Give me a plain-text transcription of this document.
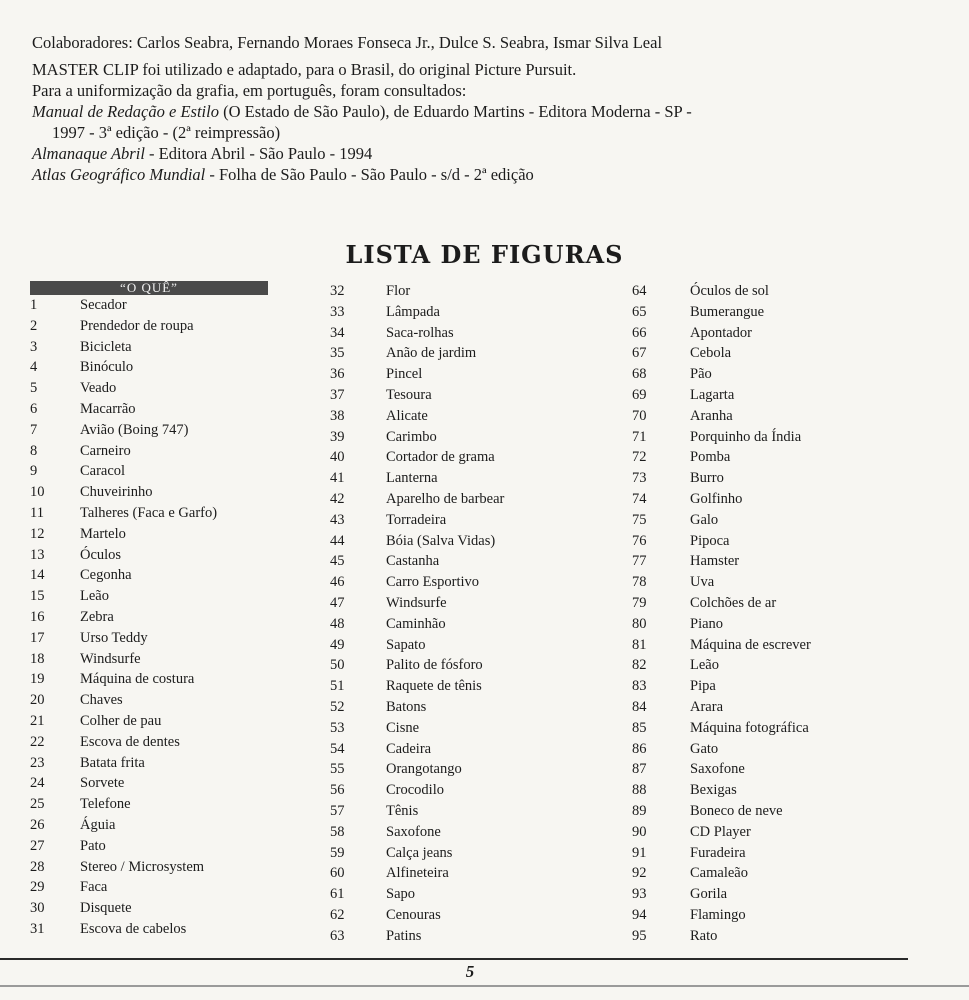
Colaboradores: Carlos Seabra, Fernando Moraes Fonseca Jr., Dulce S. Seabra, Ismar Silva Leal

MASTER CLIP foi utilizado e adaptado, para o Brasil, do original Picture Pursuit.

Para a uniformização da grafia, em português, foram consultados:

Manual de Redação e Estilo (O Estado de São Paulo), de Eduardo Martins - Editora Moderna - SP -

1997 - 3ª edição - (2ª reimpressão)

Almanaque Abril - Editora Abril - São Paulo - 1994

Atlas Geográfico Mundial - Folha de São Paulo - São Paulo - s/d - 2ª edição

LISTA DE FIGURAS
“O QUÊ”
1	Secador
2	Prendedor de roupa
3	Bicicleta
4	Binóculo
5	Veado
6	Macarrão
7	Avião (Boing 747)
8	Carneiro
9	Caracol
10	Chuveirinho
11	Talheres (Faca e Garfo)
12	Martelo
13	Óculos
14	Cegonha
15	Leão
16	Zebra
17	Urso Teddy
18	Windsurfe
19	Máquina de costura
20	Chaves
21	Colher de pau
22	Escova de dentes
23	Batata frita
24	Sorvete
25	Telefone
26	Águia
27	Pato
28	Stereo / Microsystem
29	Faca
30	Disquete
31	Escova de cabelos
32	Flor
33	Lâmpada
34	Saca-rolhas
35	Anão de jardim
36	Pincel
37	Tesoura
38	Alicate
39	Carimbo
40	Cortador de grama
41	Lanterna
42	Aparelho de barbear
43	Torradeira
44	Bóia (Salva Vidas)
45	Castanha
46	Carro Esportivo
47	Windsurfe
48	Caminhão
49	Sapato
50	Palito de fósforo
51	Raquete de tênis
52	Batons
53	Cisne
54	Cadeira
55	Orangotango
56	Crocodilo
57	Tênis
58	Saxofone
59	Calça jeans
60	Alfineteira
61	Sapo
62	Cenouras
63	Patins
64	Óculos de sol
65	Bumerangue
66	Apontador
67	Cebola
68	Pão
69	Lagarta
70	Aranha
71	Porquinho da Índia
72	Pomba
73	Burro
74	Golfinho
75	Galo
76	Pipoca
77	Hamster
78	Uva
79	Colchões de ar
80	Piano
81	Máquina de escrever
82	Leão
83	Pipa
84	Arara
85	Máquina fotográfica
86	Gato
87	Saxofone
88	Bexigas
89	Boneco de neve
90	CD Player
91	Furadeira
92	Camaleão
93	Gorila
94	Flamingo
95	Rato
5
